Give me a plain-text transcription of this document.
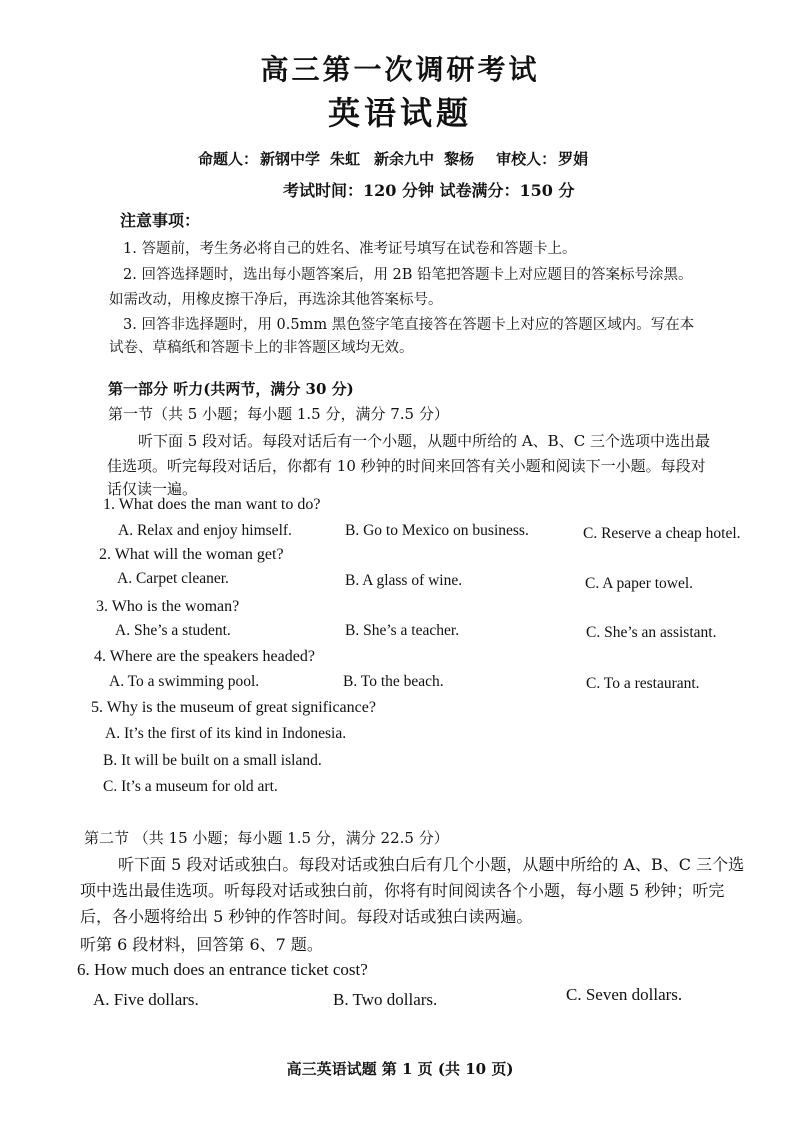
高三第一次调研考试
英语试题
命题人： 新钢中学 朱虹 新余九中 黎杨 审校人： 罗娟
考试时间：120 分钟 试卷满分：150 分
注意事项：
1. 答题前，考生务必将自己的姓名、准考证号填写在试卷和答题卡上。
2. 回答选择题时，选出每小题答案后，用 2B 铅笔把答题卡上对应题目的答案标号涂黑。
如需改动，用橡皮擦干净后，再选涂其他答案标号。
3. 回答非选择题时，用 0.5mm 黑色签字笔直接答在答题卡上对应的答题区域内。写在本
试卷、草稿纸和答题卡上的非答题区域均无效。
第一部分 听力(共两节，满分 30 分)
第一节（共 5 小题；每小题 1.5 分，满分 7.5 分）
听下面 5 段对话。每段对话后有一个小题，从题中所给的 A、B、C 三个选项中选出最
佳选项。听完每段对话后，你都有 10 秒钟的时间来回答有关小题和阅读下一小题。每段对
话仅读一遍。
1. What does the man want to do?
A. Relax and enjoy himself.	B. Go to Mexico on business.	C. Reserve a cheap hotel.
2. What will the woman get?
A. Carpet cleaner.	B. A glass of wine.	C. A paper towel.
3. Who is the woman?
A. She’s a student.	B. She’s a teacher.	C. She’s an assistant.
4. Where are the speakers headed?
A. To a swimming pool.	B. To the beach.	C. To a restaurant.
5. Why is the museum of great significance?
A. It’s the first of its kind in Indonesia.
B. It will be built on a small island.
C. It’s a museum for old art.
第二节 （共 15 小题；每小题 1.5 分，满分 22.5 分）
听下面 5 段对话或独白。每段对话或独白后有几个小题，从题中所给的 A、B、C 三个选
项中选出最佳选项。听每段对话或独白前，你将有时间阅读各个小题，每小题 5 秒钟；听完
后，各小题将给出 5 秒钟的作答时间。每段对话或独白读两遍。
听第 6 段材料，回答第 6、7 题。
6. How much does an entrance ticket cost?
A. Five dollars.	B. Two dollars.	C. Seven dollars.
高三英语试题 第 1 页 (共 10 页)
